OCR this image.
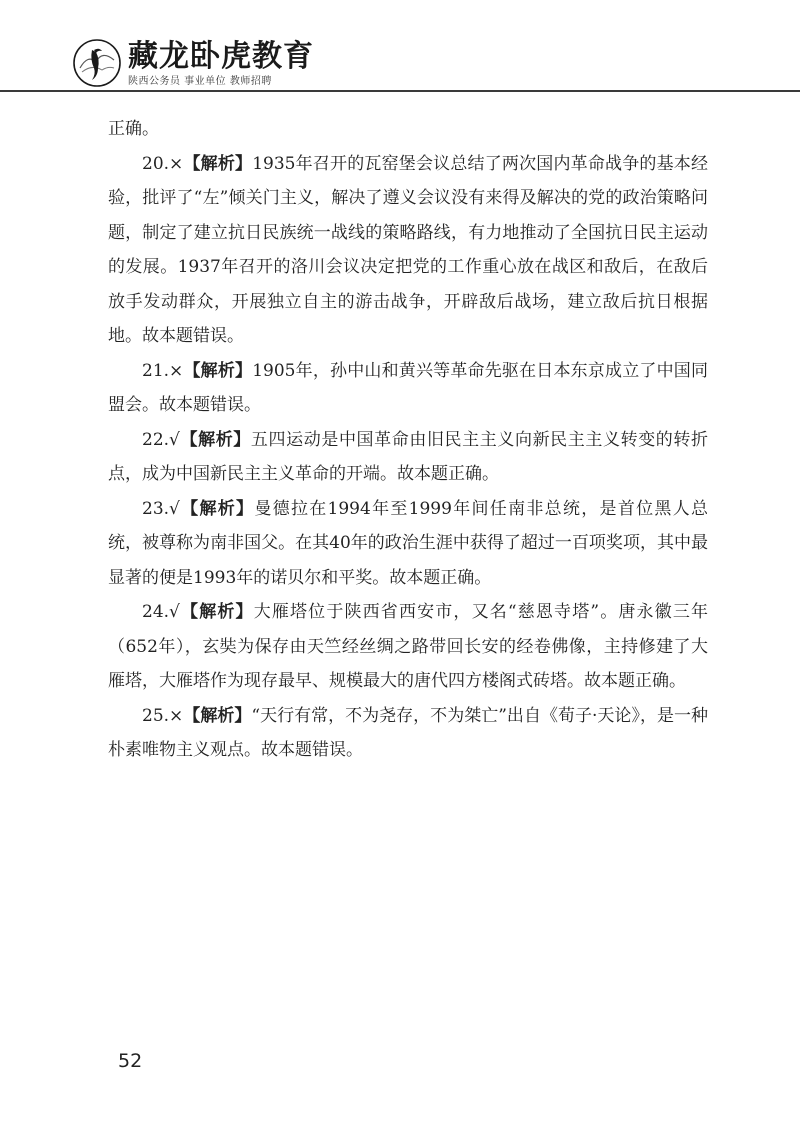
藏龙卧虎教育
陕西公务员 事业单位 教师招聘

正确。

20.×【解析】1935年召开的瓦窑堡会议总结了两次国内革命战争的基本经验，批评了“左”倾关门主义，解决了遵义会议没有来得及解决的党的政治策略问题，制定了建立抗日民族统一战线的策略路线，有力地推动了全国抗日民主运动的发展。1937年召开的洛川会议决定把党的工作重心放在战区和敌后，在敌后放手发动群众，开展独立自主的游击战争，开辟敌后战场，建立敌后抗日根据地。故本题错误。

21.×【解析】1905年，孙中山和黄兴等革命先驱在日本东京成立了中国同盟会。故本题错误。

22.√【解析】五四运动是中国革命由旧民主主义向新民主主义转变的转折点，成为中国新民主主义革命的开端。故本题正确。

23.√【解析】曼德拉在1994年至1999年间任南非总统，是首位黑人总统，被尊称为南非国父。在其40年的政治生涯中获得了超过一百项奖项，其中最显著的便是1993年的诺贝尔和平奖。故本题正确。

24.√【解析】大雁塔位于陕西省西安市，又名“慈恩寺塔”。唐永徽三年（652年），玄奘为保存由天竺经丝绸之路带回长安的经卷佛像，主持修建了大雁塔，大雁塔作为现存最早、规模最大的唐代四方楼阁式砖塔。故本题正确。

25.×【解析】“天行有常，不为尧存，不为桀亡”出自《荀子·天论》，是一种朴素唯物主义观点。故本题错误。

52
